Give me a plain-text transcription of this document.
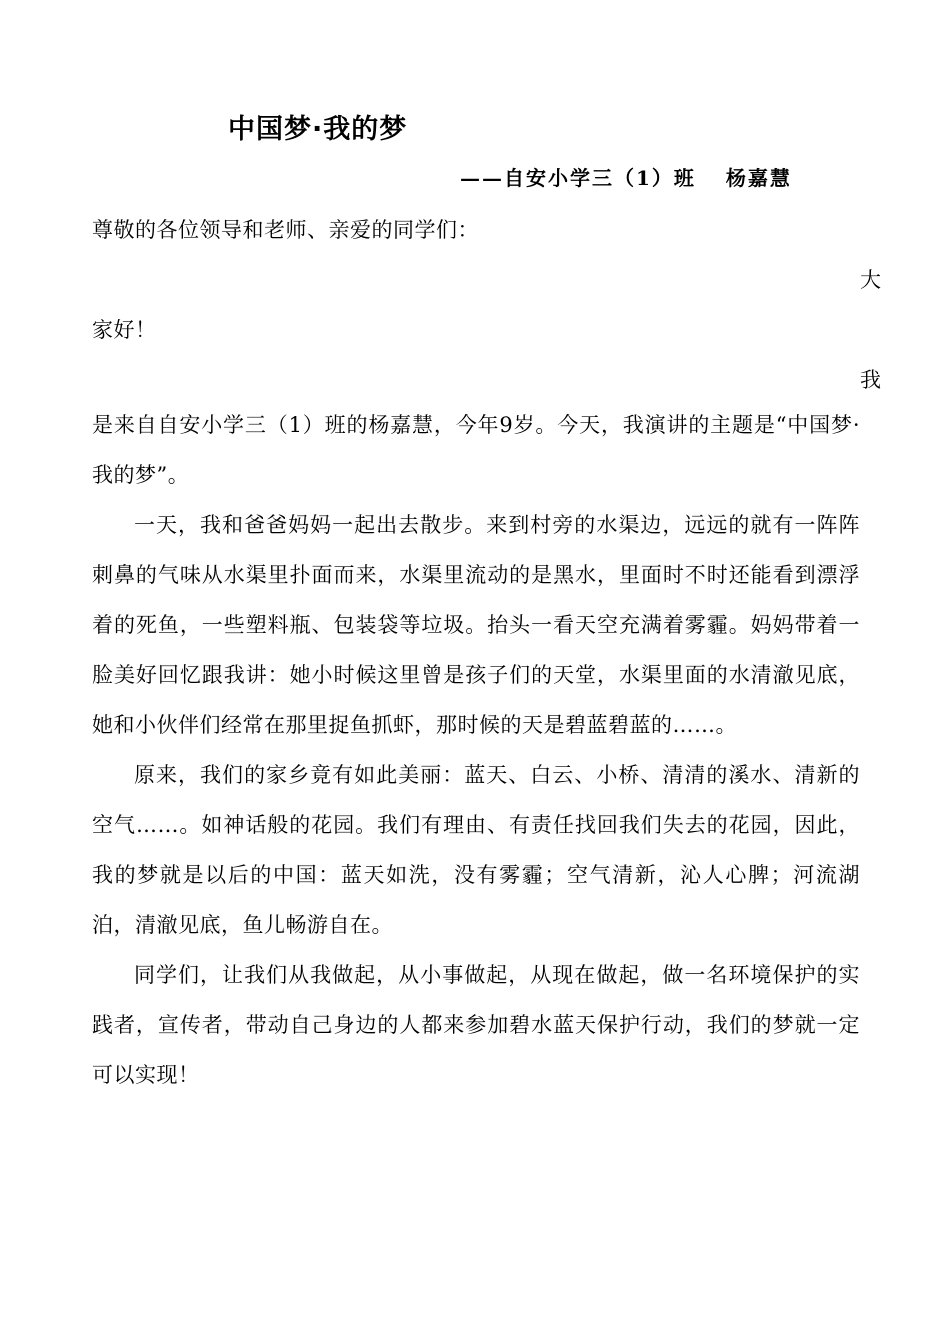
中国梦·我的梦
——自安小学三（1）班 杨嘉慧
尊敬的各位领导和老师、亲爱的同学们：
大
家好！
我
是来自自安小学三（1）班的杨嘉慧，今年9岁。今天，我演讲的主题是“中国梦·我的梦”。
一天，我和爸爸妈妈一起出去散步。来到村旁的水渠边，远远的就有一阵阵刺鼻的气味从水渠里扑面而来，水渠里流动的是黑水，里面时不时还能看到漂浮着的死鱼，一些塑料瓶、包装袋等垃圾。抬头一看天空充满着雾霾。妈妈带着一脸美好回忆跟我讲：她小时候这里曾是孩子们的天堂，水渠里面的水清澈见底，她和小伙伴们经常在那里捉鱼抓虾，那时候的天是碧蓝碧蓝的……。
原来，我们的家乡竟有如此美丽：蓝天、白云、小桥、清清的溪水、清新的空气……。如神话般的花园。我们有理由、有责任找回我们失去的花园，因此，我的梦就是以后的中国：蓝天如洗，没有雾霾；空气清新，沁人心脾；河流湖泊，清澈见底，鱼儿畅游自在。
同学们，让我们从我做起，从小事做起，从现在做起，做一名环境保护的实践者，宣传者，带动自己身边的人都来参加碧水蓝天保护行动，我们的梦就一定可以实现！
